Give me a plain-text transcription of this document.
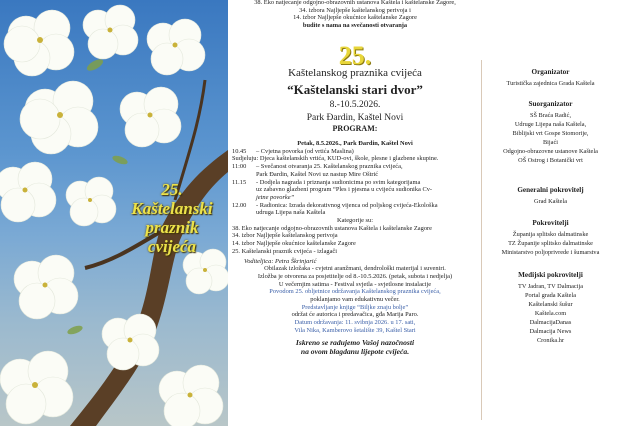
25.
Kaštelanski
praznik
cvijeća
38. Eko natjecanje odgojno-obrazovnih ustanova Kaštela i kaštelanske Zagore,
34. izbora Najljepše kaštelanskog perivoja i
14. izbor Najljepše okućnice kaštelanske Zagore
budite s nama na svečanosti otvaranja
25.
Kaštelanskog praznika cvijeća
“Kaštelanski stari dvor”
8.-10.5.2026.
Park Đardin, Kaštel Novi
PROGRAM:
Petak, 8.5.2026., Park Đardin, Kaštel Novi
10.45	– Cvjetna povorka (od vrtića Maslina)
Sudjeluju: Djeca kaštelanskih vrtića, KUD-ovi, škole, plesne i glazbene skupine.
11:00	– Svečanost otvaranja 25. Kaštelanskog praznika cvijeća,
Park Đardin, Kaštel Novi uz nastup Mire Oštrić
11.15	- Dodjela nagrada i priznanja sudionicima po svim kategorijama
uz zabavno glazbeni program “Ples i pjesma u cvijeću sudionika Cv-
jetne povorke”
12.00	- Radionica: Izrada dekorativnog vijenca od poljskog cvijeća-Ekološka
udruga Lijepa naša Kaštela
Kategorije su:
38. Eko natjecanje odgojno-obrazovnih ustanova Kaštela i kaštelanske Zagore
34. izbor Najljepše kaštelanskog perivoja
14. izbor Najljepše okućnice kaštelanske Zagore
25. Kaštelanski praznik cvijeća - izlagači
Voditeljica: Petra Škrinjarić
Obilazak izložaka - cvjetni aranžmani, dendrološki materijal i suveniri.
Izložba je otvorena za posjetitelje od 8.-10.5.2026. (petak, subota i nedjelja)
U večernjim satima - Festival svjetla - svjetlosne instalacije
Povodom 25. obljetnice održavanja Kaštelanskog praznika cvijeća,
poklanjamo vam edukativnu večer.
Predstavljanje knjige “Biljke znaju bolje”
održat će autorica i predavačica, gđa Marija Paro.
Datum održavanja: 11. svibnja 2026. u 17. sati,
Vila Nika, Kamberovo šetalište 39, Kaštel Stari
Iskreno se radujemo Vašoj nazočnosti
na ovom blagdanu lijepote cvijeća.
Organizator
Turistička zajednica Grada Kaštela
Suorganizator
SŠ Braća Radić,
Udruge Lijepa naša Kaštela,
Biblijski vrt Gospe Stomorije,
Bijaći
Odgojno-obrazovne ustanove Kaštela
OŠ Ostrog i Botanički vrt
Generalni pokrovitelj
Grad Kaštela
Pokrovitelji
Županija splitsko dalmatinske
TZ Županije splitsko dalmatinske
Ministarstvo poljoprivrede i šumarstva
Medijski pokrovitelji
TV Jadran, TV Dalmacija
Portal grada Kaštela
Kaštelanski šušur
Kaštela.com
DalmacijaDanas
Dalmacija News
Cronika.hr
